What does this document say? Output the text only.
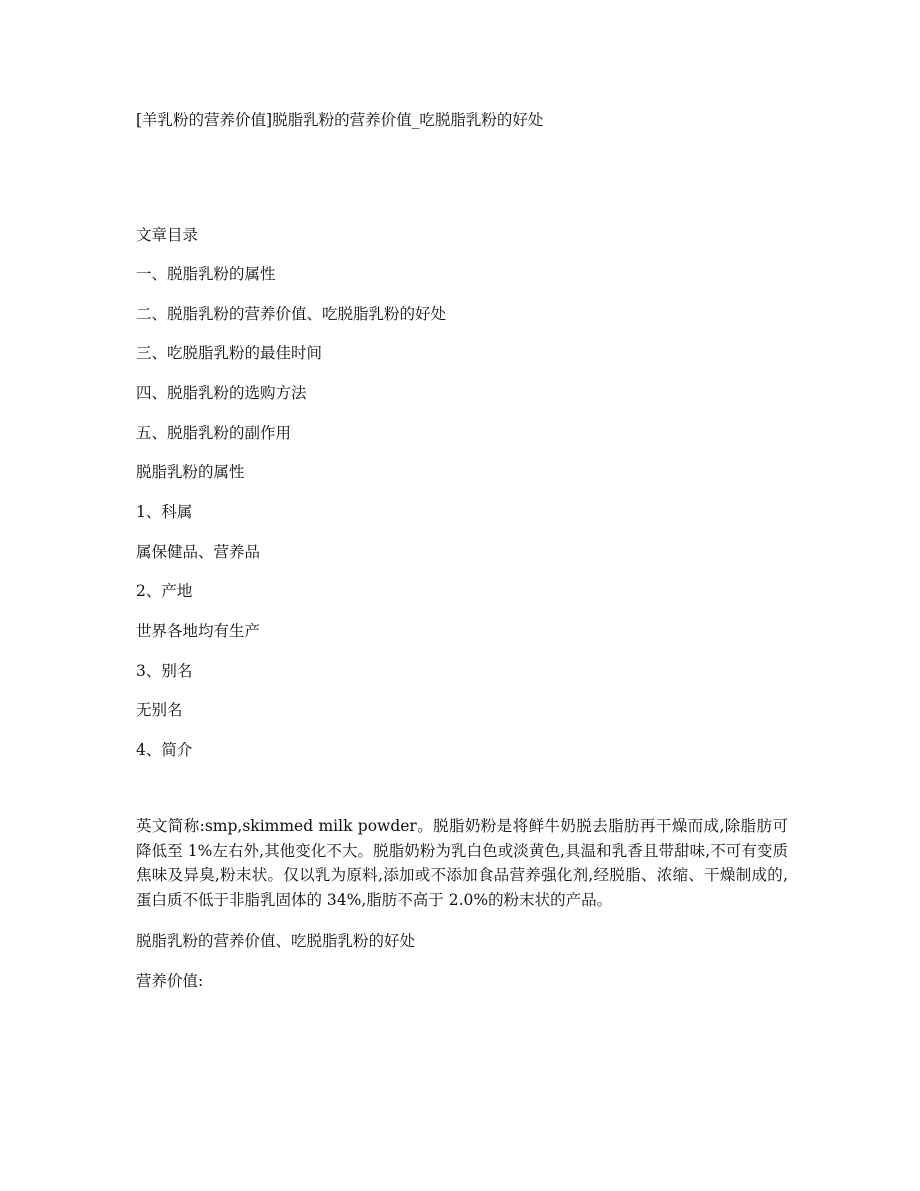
[羊乳粉的营养价值]脱脂乳粉的营养价值_吃脱脂乳粉的好处
文章目录
一、脱脂乳粉的属性
二、脱脂乳粉的营养价值、吃脱脂乳粉的好处
三、吃脱脂乳粉的最佳时间
四、脱脂乳粉的选购方法
五、脱脂乳粉的副作用
脱脂乳粉的属性
1、科属
属保健品、营养品
2、产地
世界各地均有生产
3、别名
无别名
4、简介
英文简称:smp,skimmed milk powder。脱脂奶粉是将鲜牛奶脱去脂肪再干燥而成,除脂肪可降低至 1%左右外,其他变化不大。脱脂奶粉为乳白色或淡黄色,具温和乳香且带甜味,不可有变质焦味及异臭,粉末状。仅以乳为原料,添加或不添加食品营养强化剂,经脱脂、浓缩、干燥制成的,蛋白质不低于非脂乳固体的 34%,脂肪不高于 2.0%的粉末状的产品。
脱脂乳粉的营养价值、吃脱脂乳粉的好处
营养价值:
